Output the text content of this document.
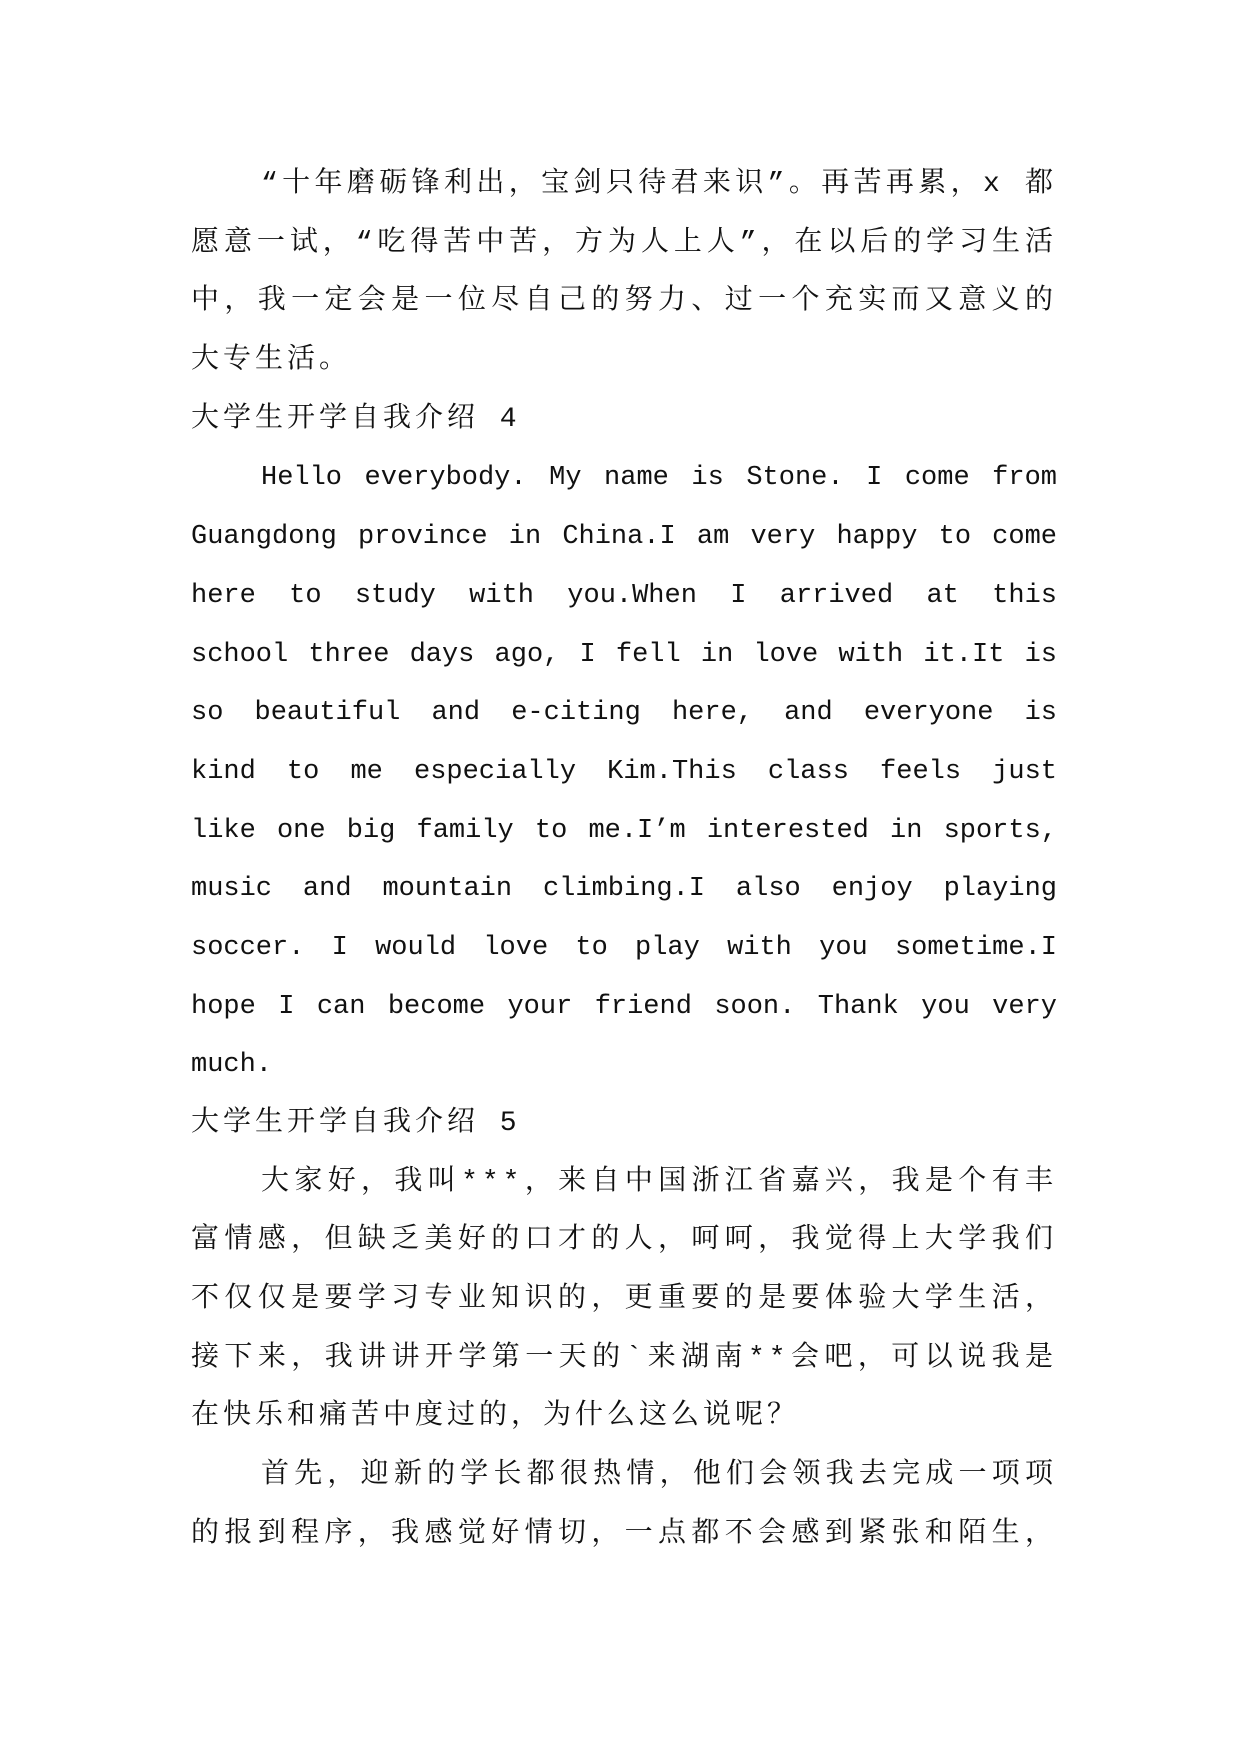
“十年磨砺锋利出，宝剑只待君来识”。再苦再累，x 都
愿意一试，“吃得苦中苦，方为人上人”，在以后的学习生活
中，我一定会是一位尽自己的努力、过一个充实而又意义的
大专生活。
大学生开学自我介绍 4
Hello everybody. My name is Stone. I come from
Guangdong province in China.I am very happy to come
here to study with you.When I arrived at this
school three days ago, I fell in love with it.It is
so beautiful and e-citing here, and everyone is
kind to me especially Kim.This class feels just
like one big family to me.I’m interested in sports,
music and mountain climbing.I also enjoy playing
soccer. I would love to play with you sometime.I
hope I can become your friend soon. Thank you very
much.
大学生开学自我介绍 5
大家好，我叫***，来自中国浙江省嘉兴，我是个有丰
富情感，但缺乏美好的口才的人，呵呵，我觉得上大学我们
不仅仅是要学习专业知识的，更重要的是要体验大学生活，
接下来，我讲讲开学第一天的`来湖南**会吧，可以说我是
在快乐和痛苦中度过的，为什么这么说呢？
首先，迎新的学长都很热情，他们会领我去完成一项项
的报到程序，我感觉好情切，一点都不会感到紧张和陌生，
